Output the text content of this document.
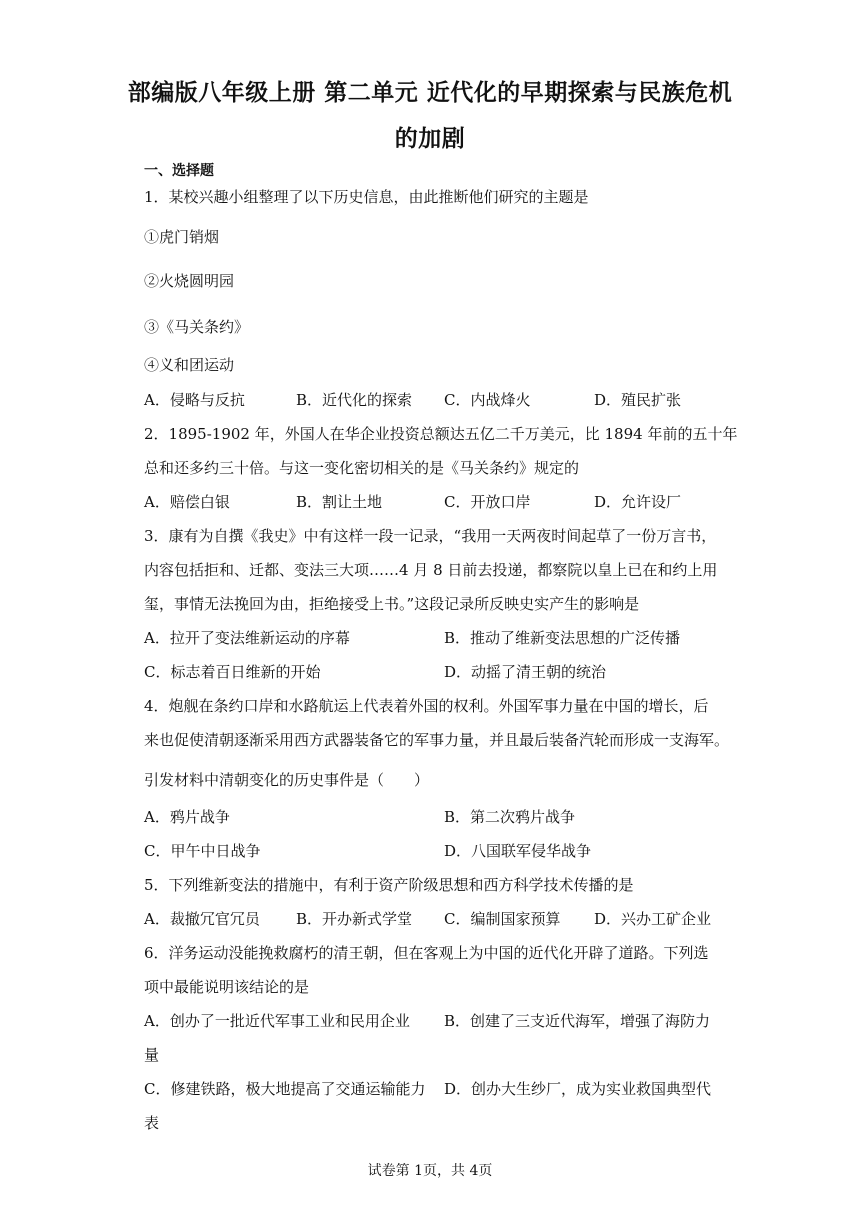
部编版八年级上册 第二单元 近代化的早期探索与民族危机
的加剧
一、选择题
1．某校兴趣小组整理了以下历史信息，由此推断他们研究的主题是
①虎门销烟
②火烧圆明园
③《马关条约》
④义和团运动
A．侵略与反抗	B．近代化的探索 C．内战烽火	D．殖民扩张
2．1895-1902 年，外国人在华企业投资总额达五亿二千万美元，比 1894 年前的五十年
总和还多约三十倍。与这一变化密切相关的是《马关条约》规定的
A．赔偿白银	B．割让土地	C．开放口岸	D．允许设厂
3．康有为自撰《我史》中有这样一段一记录，“我用一天两夜时间起草了一份万言书，
内容包括拒和、迁都、变法三大项……4 月 8 日前去投递，都察院以皇上已在和约上用
玺，事情无法挽回为由，拒绝接受上书。”这段记录所反映史实产生的影响是
A．拉开了变法维新运动的序幕	B．推动了维新变法思想的广泛传播
C．标志着百日维新的开始	D．动摇了清王朝的统治
4．炮舰在条约口岸和水路航运上代表着外国的权利。外国军事力量在中国的增长，后
来也促使清朝逐渐采用西方武器装备它的军事力量，并且最后装备汽轮而形成一支海军。
引发材料中清朝变化的历史事件是（　　）
A．鸦片战争	B．第二次鸦片战争
C．甲午中日战争	D．八国联军侵华战争
5．下列维新变法的措施中，有利于资产阶级思想和西方科学技术传播的是
A．裁撤冗官冗员 B．开办新式学堂 C．编制国家预算 D．兴办工矿企业
6．洋务运动没能挽救腐朽的清王朝，但在客观上为中国的近代化开辟了道路。下列选
项中最能说明该结论的是
A．创办了一批近代军事工业和民用企业 B．创建了三支近代海军，增强了海防力
量
C．修建铁路，极大地提高了交通运输能力 D．创办大生纱厂，成为实业救国典型代
表
试卷第 1页，共 4页
